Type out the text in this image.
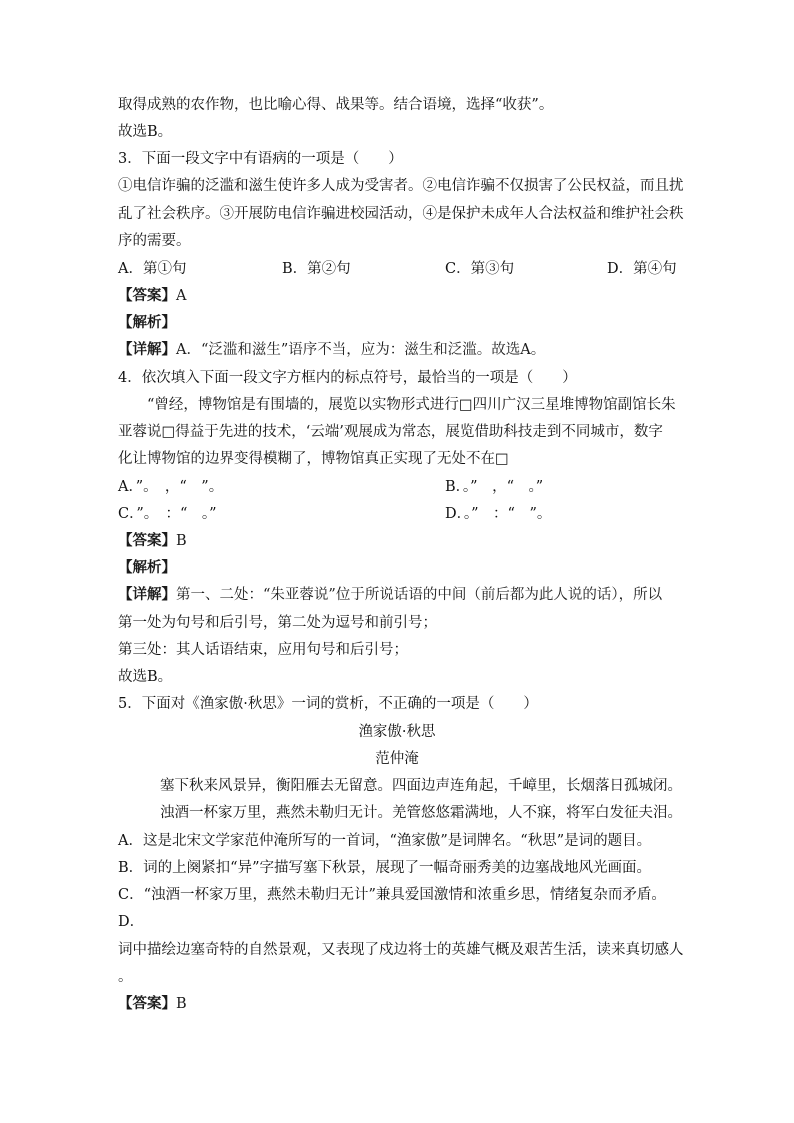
取得成熟的农作物，也比喻心得、战果等。结合语境，选择“收获”。
故选B。
3．下面一段文字中有语病的一项是（　　）
①电信诈骗的泛滥和滋生使许多人成为受害者。②电信诈骗不仅损害了公民权益，而且扰
乱了社会秩序。③开展防电信诈骗进校园活动，④是保护未成年人合法权益和维护社会秩
序的需要。
A．第①句	B．第②句	C．第③句	D．第④句
【答案】A
【解析】
【详解】A．“泛滥和滋生”语序不当，应为：滋生和泛滥。故选A。
4．依次填入下面一段文字方框内的标点符号，最恰当的一项是（　　）
“曾经，博物馆是有围墙的，展览以实物形式进行□四川广汉三星堆博物馆副馆长朱
亚蓉说□得益于先进的技术，‘云端’观展成为常态，展览借助科技走到不同城市，数字
化让博物馆的边界变得模糊了，博物馆真正实现了无处不在□
A．”。　，“　”。	B．。”　，“　。”
C．”。　：“　。”	D．。”　：“　”。
【答案】B
【解析】
【详解】第一、二处：“朱亚蓉说”位于所说话语的中间（前后都为此人说的话），所以
第一处为句号和后引号，第二处为逗号和前引号；
第三处：其人话语结束，应用句号和后引号；
故选B。
5．下面对《渔家傲·秋思》一词的赏析，不正确的一项是（　　）
渔家傲·秋思
范仲淹
塞下秋来风景异，衡阳雁去无留意。四面边声连角起，千嶂里，长烟落日孤城闭。
浊酒一杯家万里，燕然未勒归无计。羌管悠悠霜满地，人不寐，将军白发征夫泪。
A．这是北宋文学家范仲淹所写的一首词，“渔家傲”是词牌名。“秋思”是词的题目。
B．词的上阕紧扣“异”字描写塞下秋景，展现了一幅奇丽秀美的边塞战地风光画面。
C．“浊酒一杯家万里，燕然未勒归无计”兼具爱国激情和浓重乡思，情绪复杂而矛盾。
D．
词中描绘边塞奇特的自然景观，又表现了戍边将士的英雄气概及艰苦生活，读来真切感人
。
【答案】B
